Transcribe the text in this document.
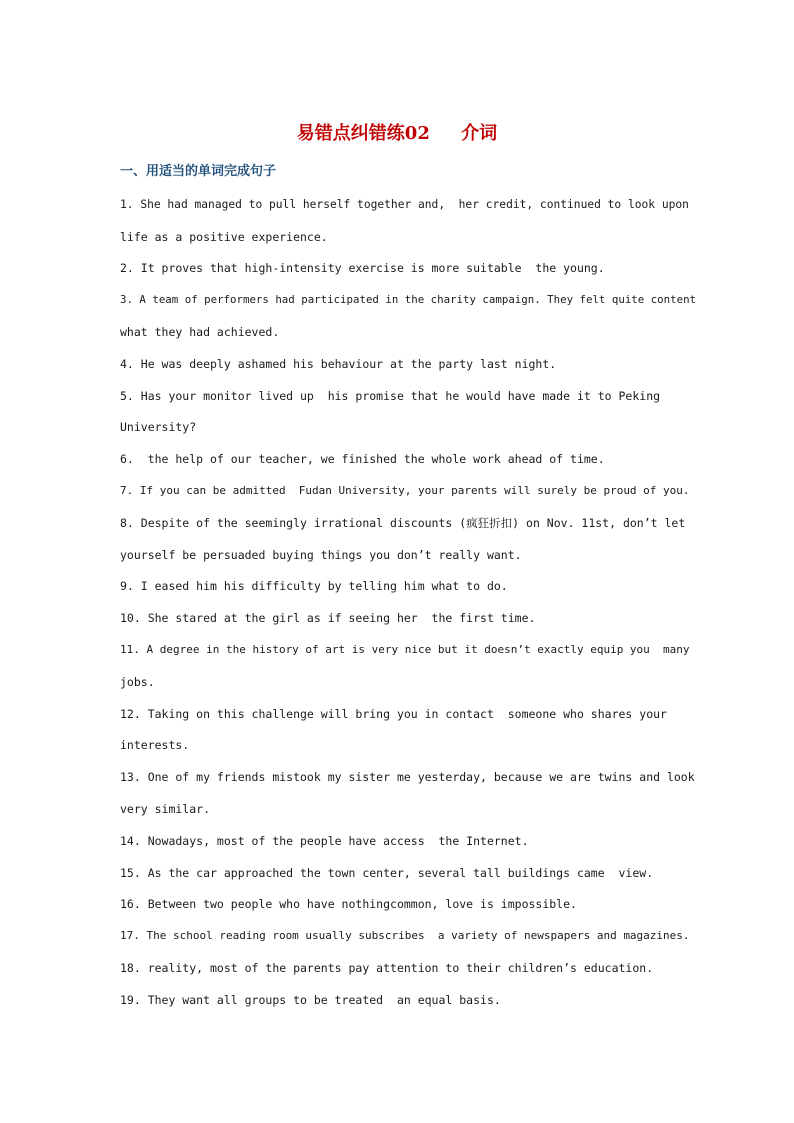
易错点纠错练02     介词
一、用适当的单词完成句子
1. She had managed to pull herself together and,  her credit, continued to look upon
life as a positive experience.
2. It proves that high-intensity exercise is more suitable  the young.
3. A team of performers had participated in the charity campaign. They felt quite content
what they had achieved.
4. He was deeply ashamed his behaviour at the party last night.
5. Has your monitor lived up  his promise that he would have made it to Peking
University?
6.  the help of our teacher, we finished the whole work ahead of time.
7. If you can be admitted  Fudan University, your parents will surely be proud of you.
8. Despite of the seemingly irrational discounts (疯狂折扣) on Nov. 11st, don’t let
yourself be persuaded buying things you don’t really want.
9. I eased him his difficulty by telling him what to do.
10. She stared at the girl as if seeing her  the first time.
11. A degree in the history of art is very nice but it doesn’t exactly equip you  many
jobs.
12. Taking on this challenge will bring you in contact  someone who shares your
interests.
13. One of my friends mistook my sister me yesterday, because we are twins and look
very similar.
14. Nowadays, most of the people have access  the Internet.
15. As the car approached the town center, several tall buildings came  view.
16. Between two people who have nothingcommon, love is impossible.
17. The school reading room usually subscribes  a variety of newspapers and magazines.
18. reality, most of the parents pay attention to their children’s education.
19. They want all groups to be treated  an equal basis.
